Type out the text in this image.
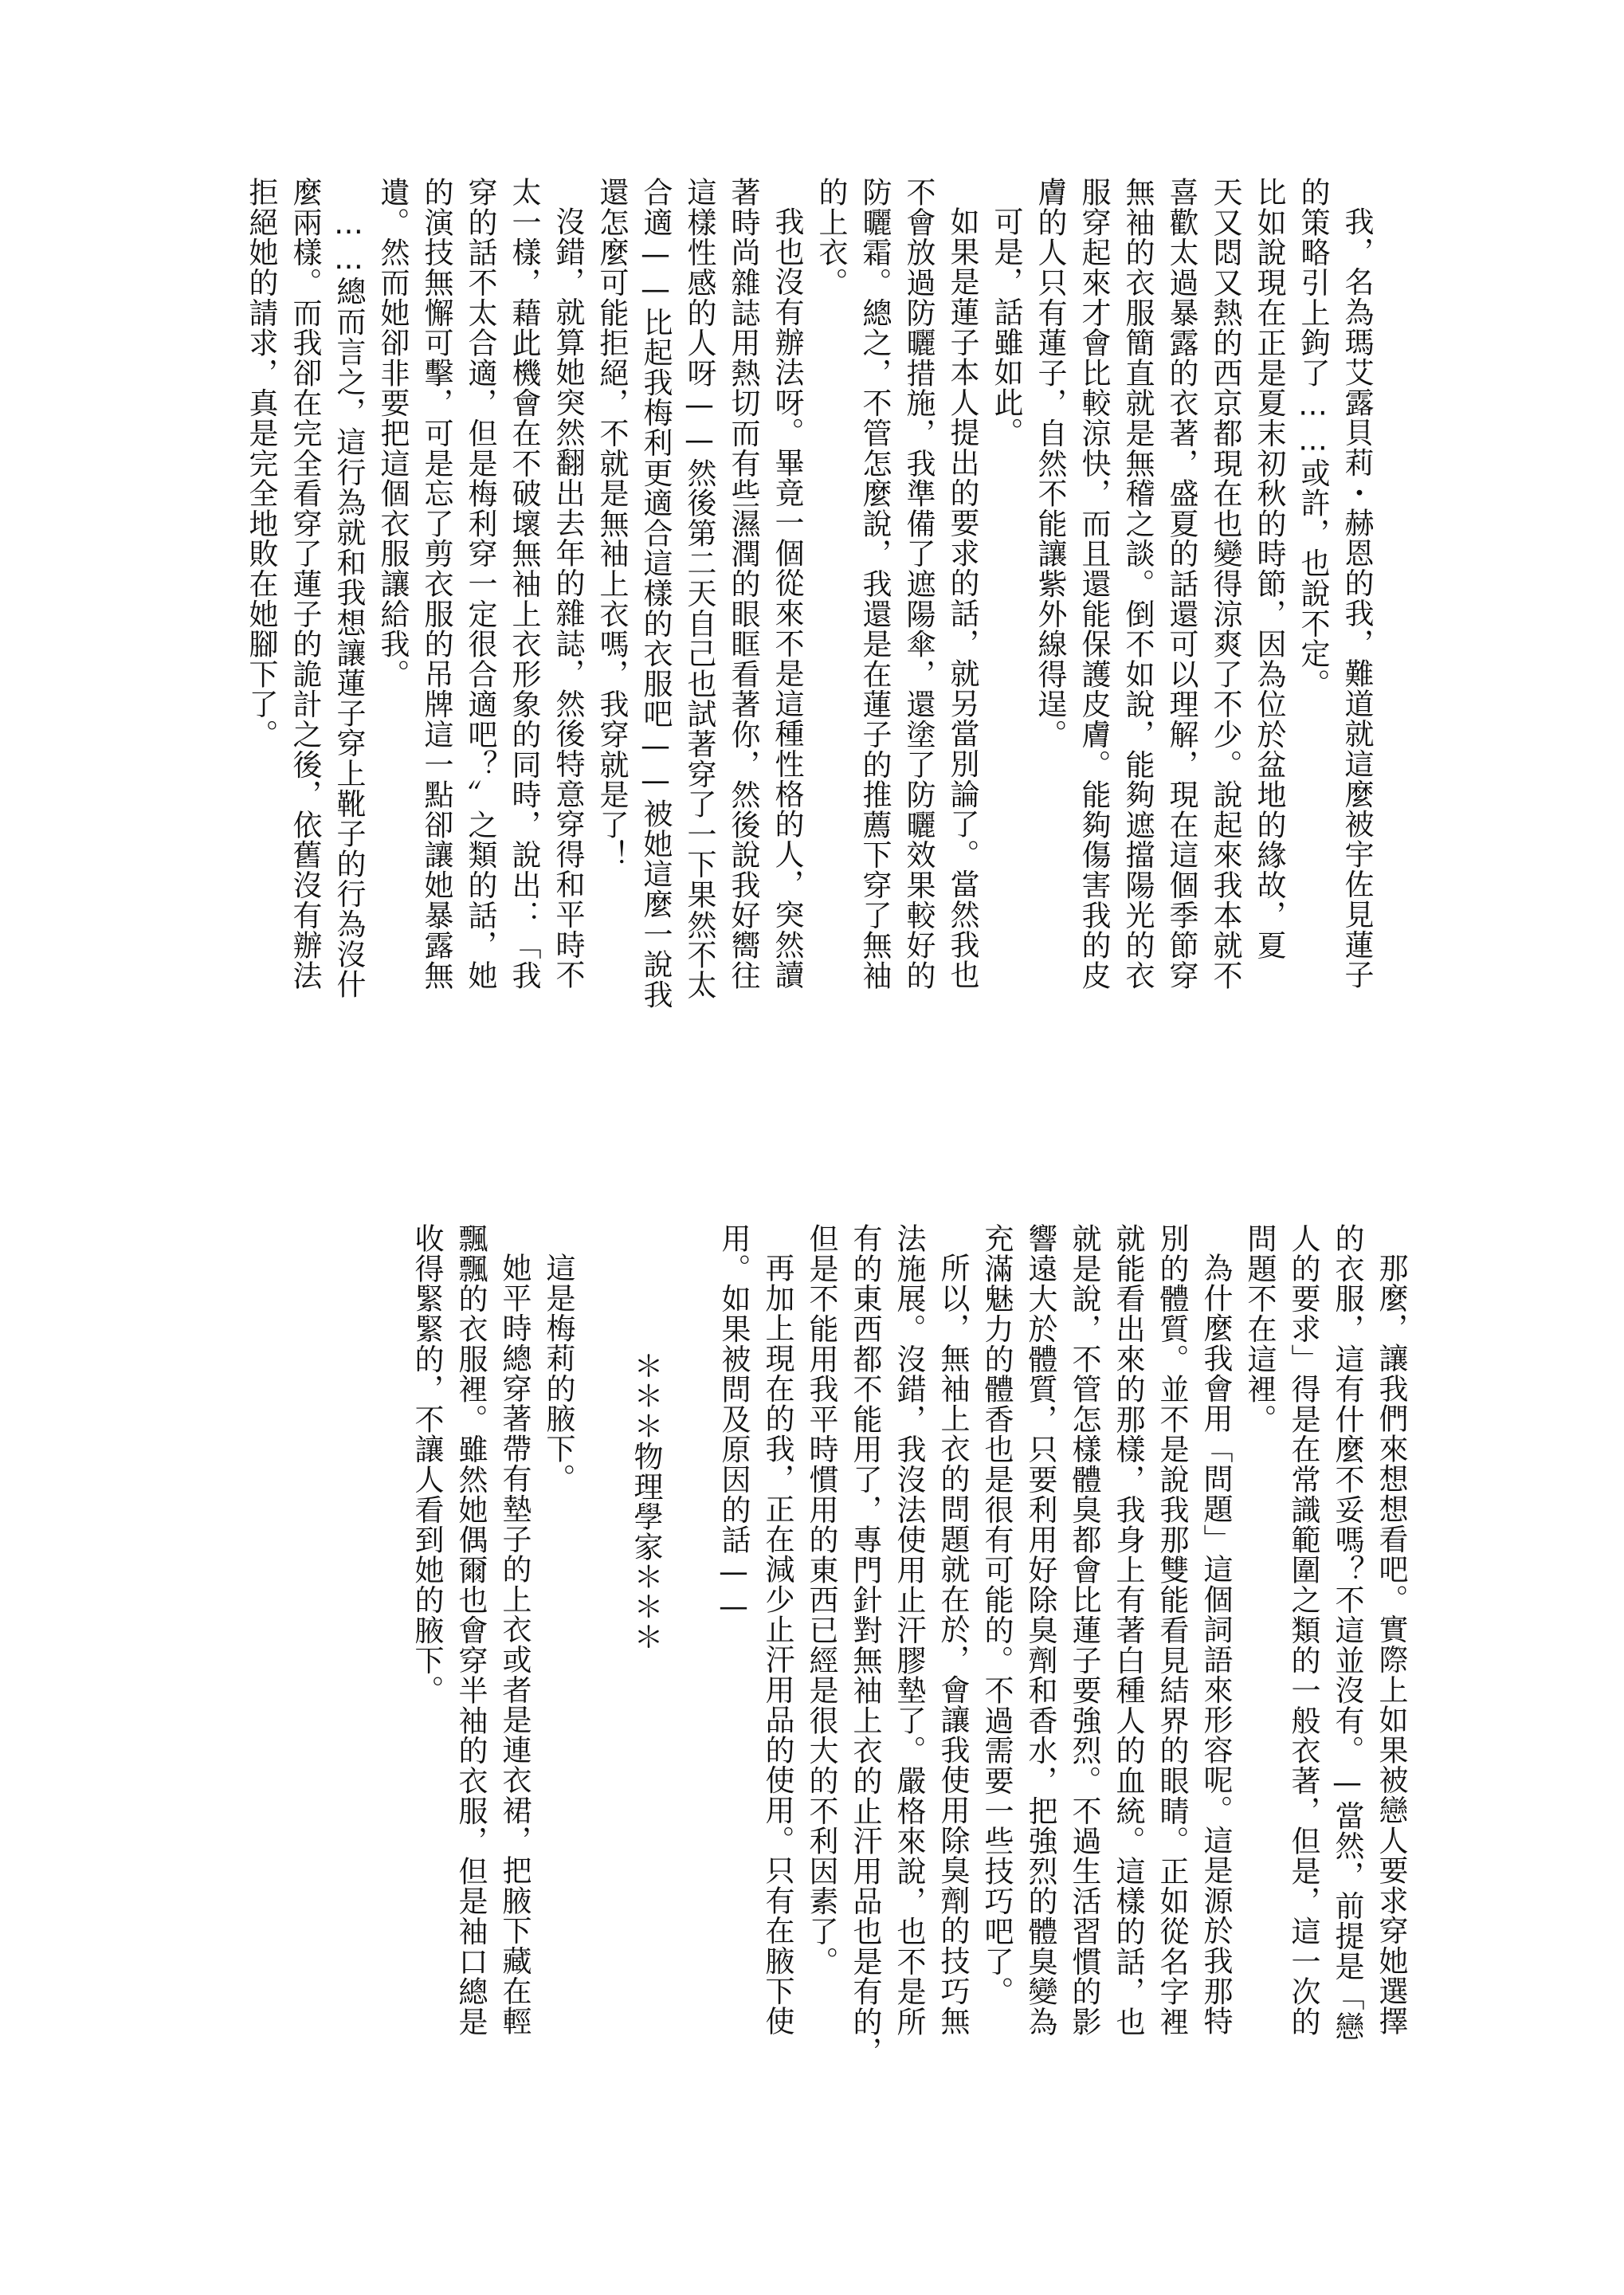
我，名為瑪艾露貝莉・赫恩的我，難道就這麼被宇佐見蓮子

的策略引上鉤了……或許，也說不定。

比如說現在正是夏末初秋的時節，因為位於盆地的緣故，夏

天又悶又熱的西京都現在也變得涼爽了不少。說起來我本就不

喜歡太過暴露的衣著，盛夏的話還可以理解，現在這個季節穿

無袖的衣服簡直就是無稽之談。倒不如說，能夠遮擋陽光的衣

服穿起來才會比較涼快，而且還能保護皮膚。能夠傷害我的皮

膚的人只有蓮子，自然不能讓紫外線得逞。

可是，話雖如此。

如果是蓮子本人提出的要求的話，就另當別論了。當然我也

不會放過防曬措施，我準備了遮陽傘，還塗了防曬效果較好的

防曬霜。總之，不管怎麼說，我還是在蓮子的推薦下穿了無袖

的上衣。

我也沒有辦法呀。畢竟一個從來不是這種性格的人，突然讀

著時尚雜誌用熱切而有些濕潤的眼眶看著你，然後說我好嚮往

這樣性感的人呀——然後第二天自己也試著穿了一下果然不太

合適——比起我梅利更適合這樣的衣服吧——被她這麼一說我

還怎麼可能拒絕，不就是無袖上衣嗎，我穿就是了！

沒錯，就算她突然翻出去年的雜誌，然後特意穿得和平時不

太一樣，藉此機會在不破壞無袖上衣形象的同時，說出：「我

穿的話不太合適，但是梅利穿一定很合適吧？〞之類的話，她

的演技無懈可擊，可是忘了剪衣服的吊牌這一點卻讓她暴露無

遺。然而她卻非要把這個衣服讓給我。

……總而言之，這行為就和我想讓蓮子穿上靴子的行為沒什

麼兩樣。而我卻在完全看穿了蓮子的詭計之後，依舊沒有辦法

拒絕她的請求，真是完全地敗在她腳下了。

那麼，讓我們來想想看吧。實際上如果被戀人要求穿她選擇

的衣服，這有什麼不妥嗎？不這並沒有。—當然，前提是「戀

人的要求」得是在常識範圍之類的一般衣著，但是，這一次的

問題不在這裡。

為什麼我會用「問題」這個詞語來形容呢。這是源於我那特

別的體質。並不是說我那雙能看見結界的眼睛。正如從名字裡

就能看出來的那樣，我身上有著白種人的血統。這樣的話，也

就是說，不管怎樣體臭都會比蓮子要強烈。不過生活習慣的影

響遠大於體質，只要利用好除臭劑和香水，把強烈的體臭變為

充滿魅力的體香也是很有可能的。不過需要一些技巧吧了。

所以，無袖上衣的問題就在於，會讓我使用除臭劑的技巧無

法施展。沒錯，我沒法使用止汗膠墊了。嚴格來說，也不是所

有的東西都不能用了，專門針對無袖上衣的止汗用品也是有的，

但是不能用我平時慣用的東西已經是很大的不利因素了。

再加上現在的我，正在減少止汗用品的使用。只有在腋下使

用。如果被問及原因的話——

＊＊＊物理學家＊＊＊

這是梅莉的腋下。

她平時總穿著帶有墊子的上衣或者是連衣裙，把腋下藏在輕

飄飄的衣服裡。雖然她偶爾也會穿半袖的衣服，但是袖口總是

收得緊緊的，不讓人看到她的腋下。
